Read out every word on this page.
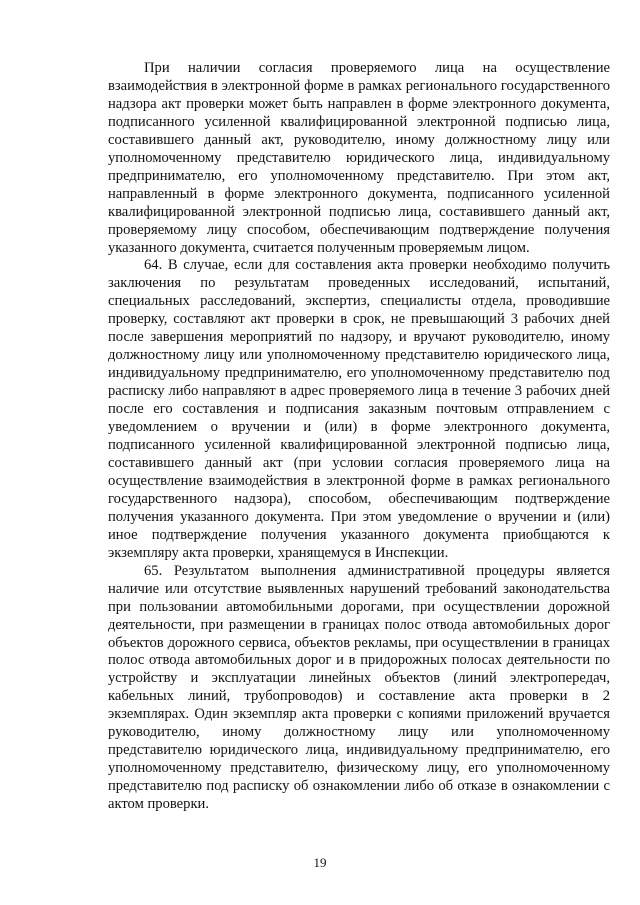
При наличии согласия проверяемого лица на осуществление взаимодействия в электронной форме в рамках регионального государственного надзора акт проверки может быть направлен в форме электронного документа, подписанного усиленной квалифицированной электронной подписью лица, составившего данный акт, руководителю, иному должностному лицу или уполномоченному представителю юридического лица, индивидуальному предпринимателю, его уполномоченному представителю. При этом акт, направленный в форме электронного документа, подписанного усиленной квалифицированной электронной подписью лица, составившего данный акт, проверяемому лицу способом, обеспечивающим подтверждение получения указанного документа, считается полученным проверяемым лицом.

64. В случае, если для составления акта проверки необходимо получить заключения по результатам проведенных исследований, испытаний, специальных расследований, экспертиз, специалисты отдела, проводившие проверку, составляют акт проверки в срок, не превышающий 3 рабочих дней после завершения мероприятий по надзору, и вручают руководителю, иному должностному лицу или уполномоченному представителю юридического лица, индивидуальному предпринимателю, его уполномоченному представителю под расписку либо направляют в адрес проверяемого лица в течение 3 рабочих дней после его составления и подписания заказным почтовым отправлением с уведомлением о вручении и (или) в форме электронного документа, подписанного усиленной квалифицированной электронной подписью лица, составившего данный акт (при условии согласия проверяемого лица на осуществление взаимодействия в электронной форме в рамках регионального государственного надзора), способом, обеспечивающим подтверждение получения указанного документа. При этом уведомление о вручении и (или) иное подтверждение получения указанного документа приобщаются к экземпляру акта проверки, хранящемуся в Инспекции.

65. Результатом выполнения административной процедуры является наличие или отсутствие выявленных нарушений требований законодательства при пользовании автомобильными дорогами, при осуществлении дорожной деятельности, при размещении в границах полос отвода автомобильных дорог объектов дорожного сервиса, объектов рекламы, при осуществлении в границах полос отвода автомобильных дорог и в придорожных полосах деятельности по устройству и эксплуатации линейных объектов (линий электропередач, кабельных линий, трубопроводов) и составление акта проверки в 2 экземплярах. Один экземпляр акта проверки с копиями приложений вручается руководителю, иному должностному лицу или уполномоченному представителю юридического лица, индивидуальному предпринимателю, его уполномоченному представителю, физическому лицу, его уполномоченному представителю под расписку об ознакомлении либо об отказе в ознакомлении с актом проверки.

19
